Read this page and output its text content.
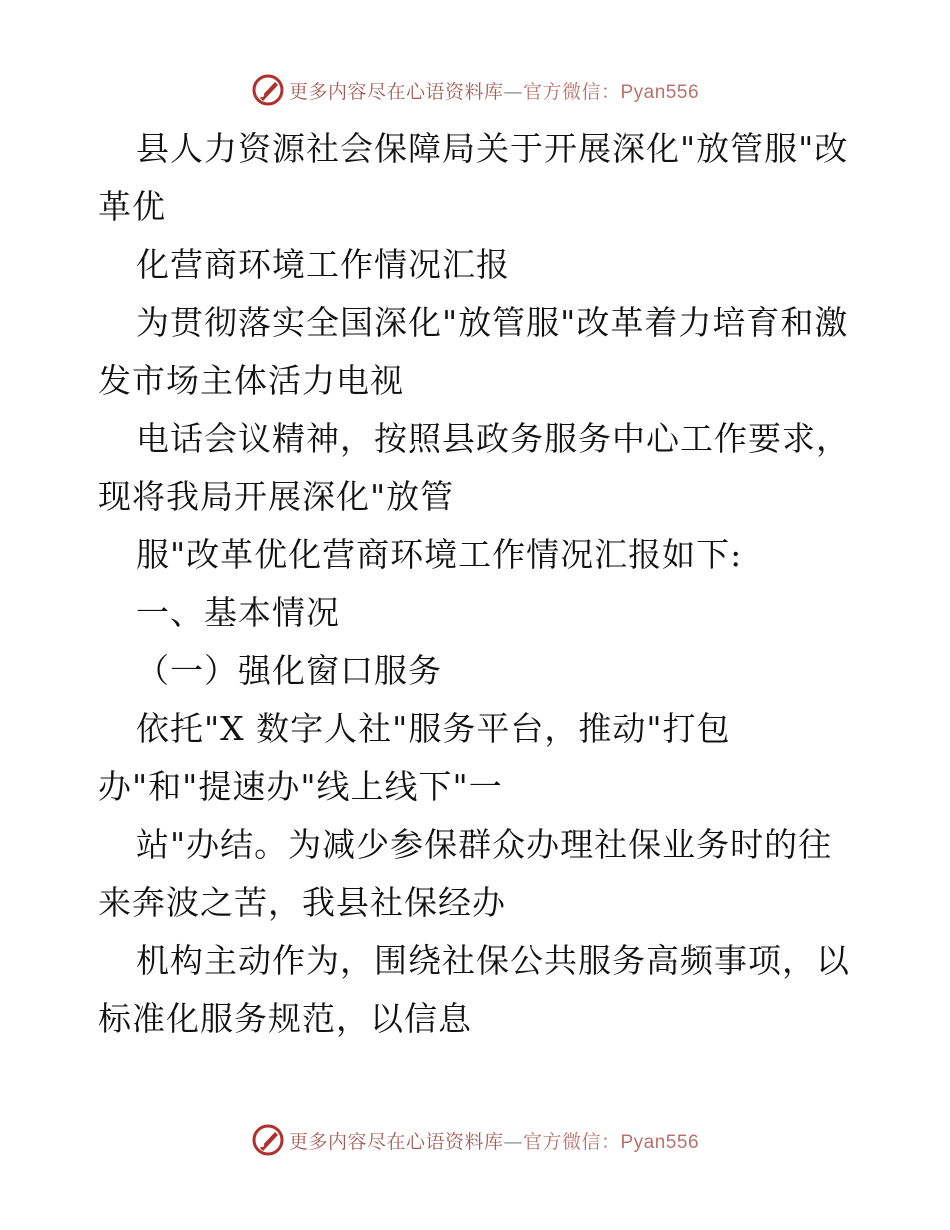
更多内容尽在心语资料库—官方微信：Pyan556
县人力资源社会保障局关于开展深化"放管服"改
革优
化营商环境工作情况汇报
为贯彻落实全国深化"放管服"改革着力培育和激
发市场主体活力电视
电话会议精神，按照县政务服务中心工作要求，
现将我局开展深化"放管
服"改革优化营商环境工作情况汇报如下:
一、基本情况
（一）强化窗口服务
依托"X 数字人社"服务平台，推动"打包
办"和"提速办"线上线下"一
站"办结。为减少参保群众办理社保业务时的往
来奔波之苦，我县社保经办
机构主动作为，围绕社保公共服务高频事项，以
标准化服务规范，以信息
更多内容尽在心语资料库—官方微信：Pyan556
